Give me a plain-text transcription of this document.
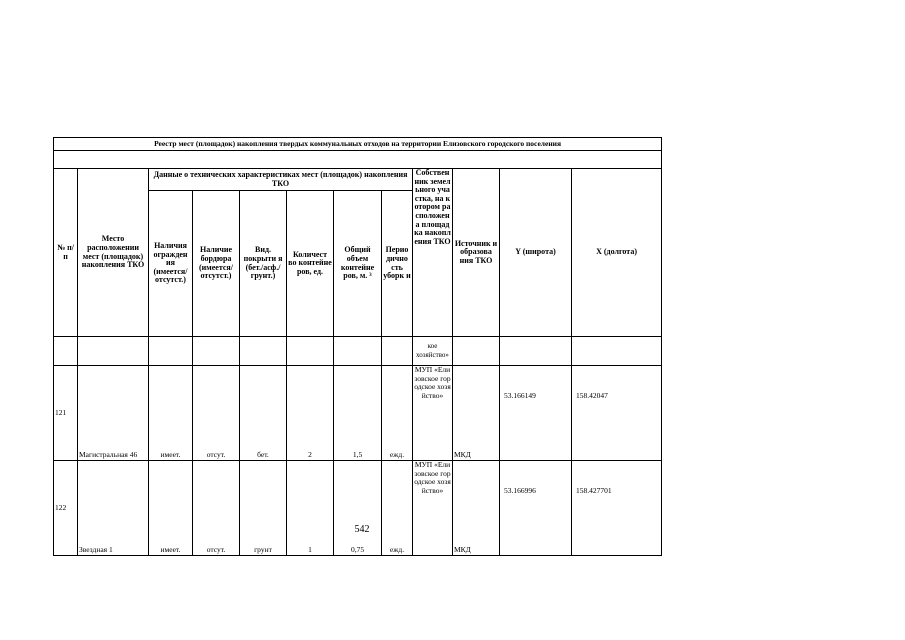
Реестр мест (площадок) накопления твердых коммунальных отходов на территории Елизовского городского поселения											

№ п/п	Место расположении мест (площадок) накопления ТКО	Данные о технических характеристиках мест (площадок) накопления ТКО						Собственник земельного участка, на котором расположена площадка накопления ТКО	Источник и образова ния ТКО	Y (широта)	X (долгота)
		Наличия огражден ия (имеется/ отсутст.)	Наличие бордюра (имеется/ отсутст.)	Вид. покрыти я (бет./асф./ грунт.)	Количест во контейне ров, ед.	Общий объем контейне ров, м. ³	Перио дично сть уборк и				
								кое хозяйство»			
121	Магистральная 46	имеет.	отсут.	бет.	2	1,5	ежд.	МУП «Елизовское городское хозяйство»	МКД	53.166149	158.42047
122	Звездная 1	имеет.	отсут.	грунт	1	0,75	ежд.	МУП «Елизовское городское хозяйство»	МКД	53.166996	158.427701
542
